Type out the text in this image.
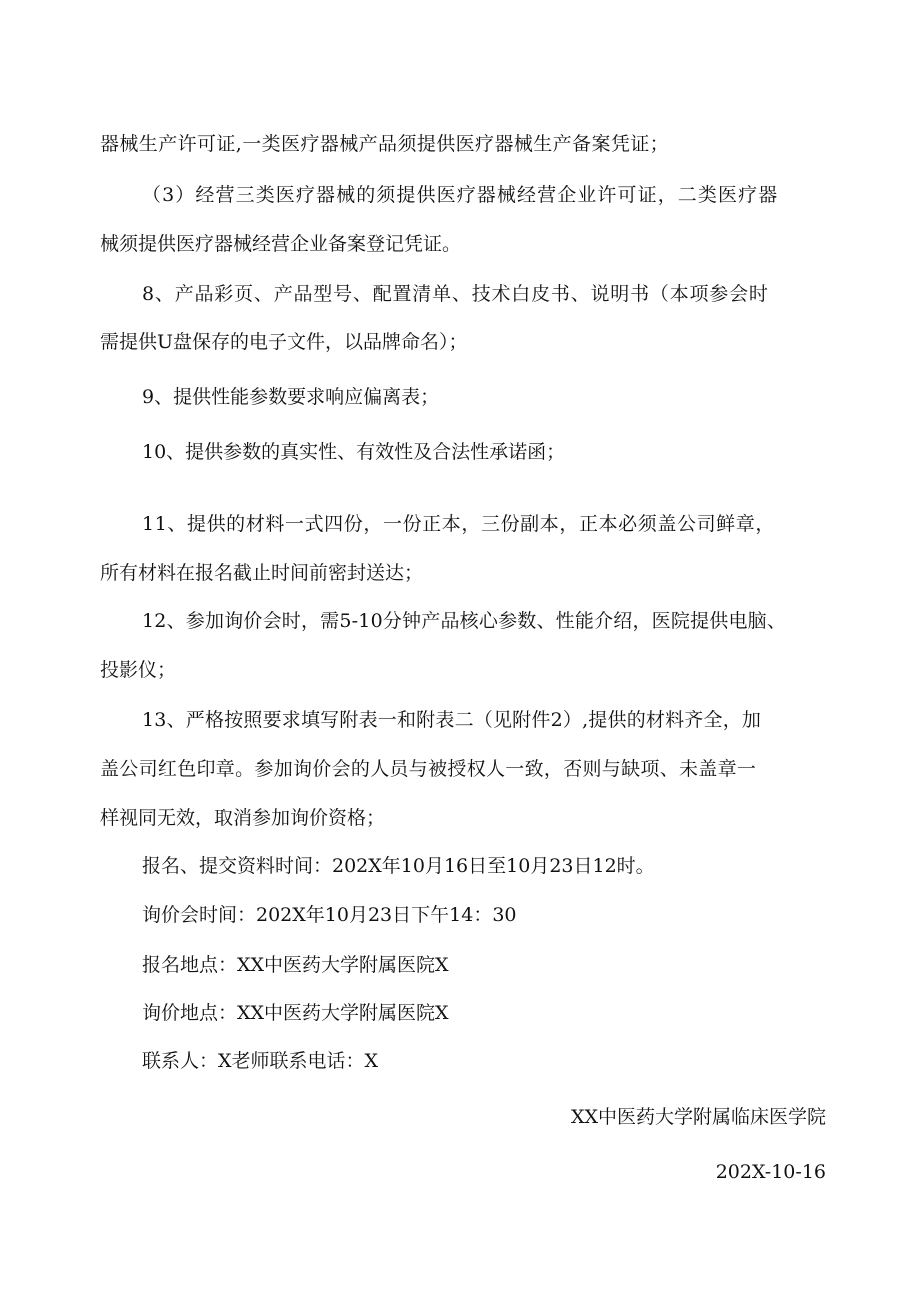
器械生产许可证,一类医疗器械产品须提供医疗器械生产备案凭证；

（3）经营三类医疗器械的须提供医疗器械经营企业许可证，二类医疗器

械须提供医疗器械经营企业备案登记凭证。

8、产品彩页、产品型号、配置清单、技术白皮书、说明书（本项参会时

需提供U盘保存的电子文件，以品牌命名）；

9、提供性能参数要求响应偏离表；

10、提供参数的真实性、有效性及合法性承诺函；

11、提供的材料一式四份，一份正本，三份副本，正本必须盖公司鲜章，

所有材料在报名截止时间前密封送达；

12、参加询价会时，需5-10分钟产品核心参数、性能介绍，医院提供电脑、

投影仪；

13、严格按照要求填写附表一和附表二（见附件2）,提供的材料齐全，加

盖公司红色印章。参加询价会的人员与被授权人一致，否则与缺项、未盖章一

样视同无效，取消参加询价资格；

报名、提交资料时间：202X年10月16日至10月23日12时。

询价会时间：202X年10月23日下午14：30

报名地点：XX中医药大学附属医院X

询价地点：XX中医药大学附属医院X

联系人：X老师联系电话：X

XX中医药大学附属临床医学院

202X-10-16
